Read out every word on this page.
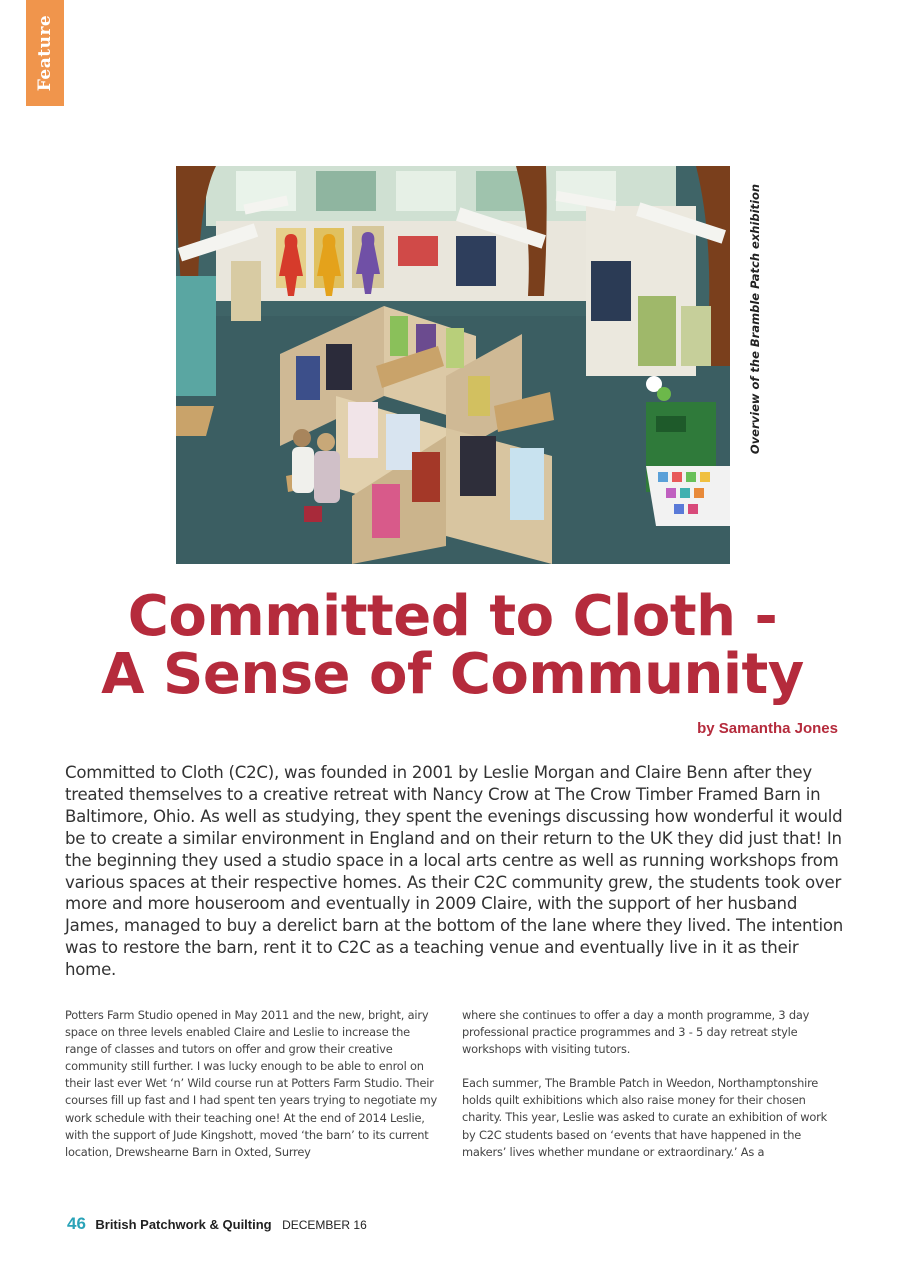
Feature
Overview of the Bramble Patch exhibition
Committed to Cloth -
A Sense of Community
by Samantha Jones

Committed to Cloth (C2C), was founded in 2001 by Leslie Morgan and Claire Benn after they treated themselves to a creative retreat with Nancy Crow at The Crow Timber Framed Barn in Baltimore, Ohio. As well as studying, they spent the evenings discussing how wonderful it would be to create a similar environment in England and on their return to the UK they did just that! In the beginning they used a studio space in a local arts centre as well as running workshops from various spaces at their respective homes. As their C2C community grew, the students took over more and more houseroom and eventually in 2009 Claire, with the support of her husband James, managed to buy a derelict barn at the bottom of the lane where they lived. The intention was to restore the barn, rent it to C2C as a teaching venue and eventually live in it as their home.

Potters Farm Studio opened in May 2011 and the new, bright, airy space on three levels enabled Claire and Leslie to increase the range of classes and tutors on offer and grow their creative community still further. I was lucky enough to be able to enrol on their last ever Wet ‘n’ Wild course run at Potters Farm Studio. Their courses fill up fast and I had spent ten years trying to negotiate my work schedule with their teaching one! At the end of 2014 Leslie, with the support of Jude Kingshott, moved ‘the barn’ to its current location, Drewshearne Barn in Oxted, Surrey

where she continues to offer a day a month programme, 3 day professional practice programmes and 3 - 5 day retreat style workshops with visiting tutors.

Each summer, The Bramble Patch in Weedon, Northamptonshire holds quilt exhibitions which also raise money for their chosen charity. This year, Leslie was asked to curate an exhibition of work by C2C students based on ‘events that have happened in the makers’ lives whether mundane or extraordinary.’ As a

46 British Patchwork & Quilting DECEMBER 16
